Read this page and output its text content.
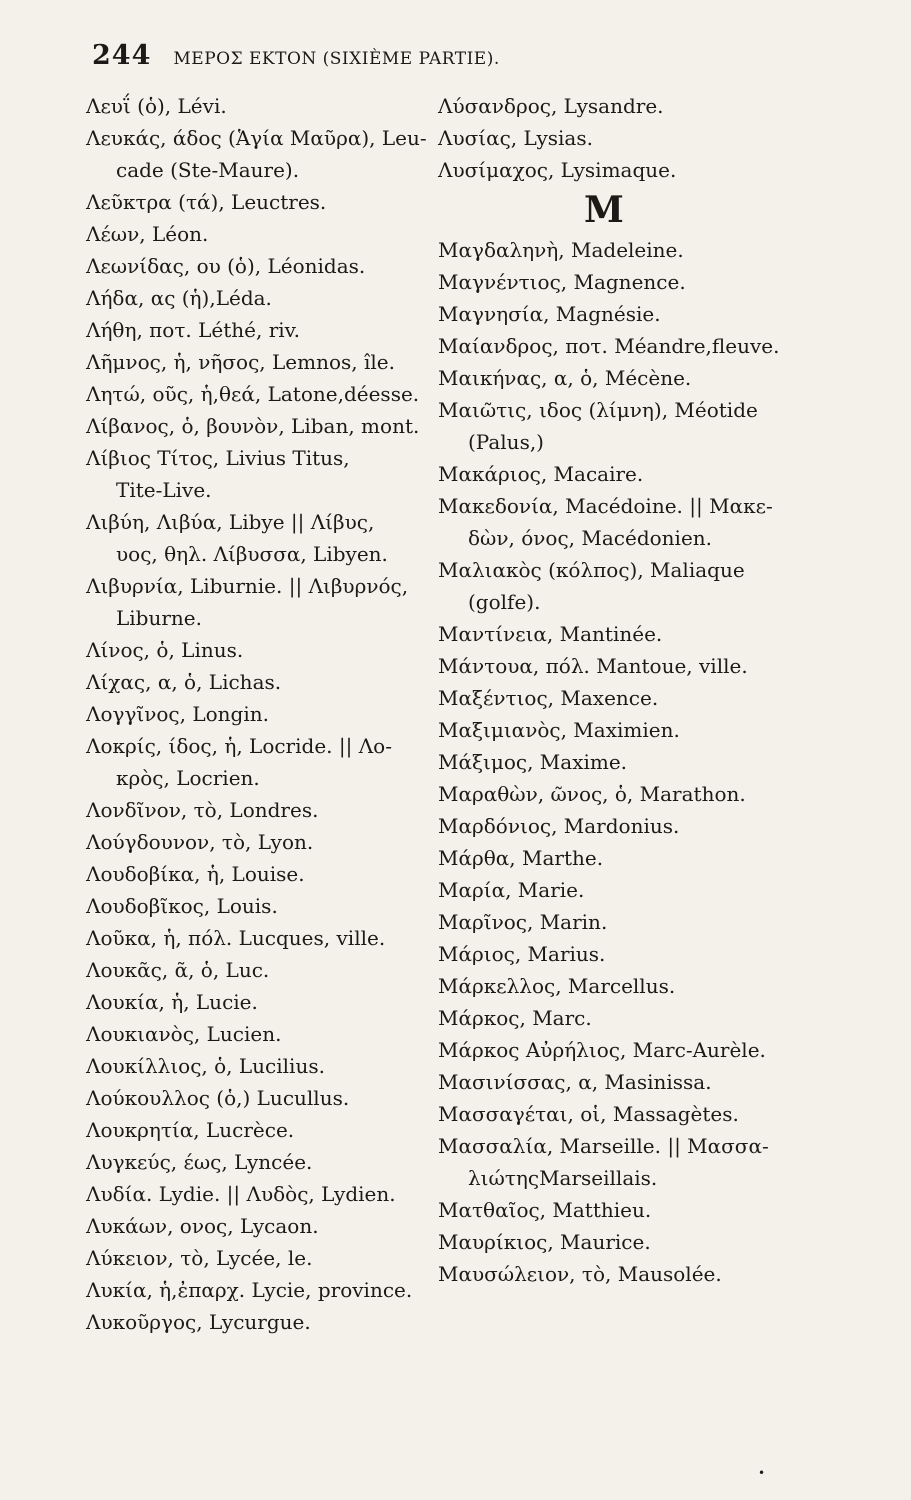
244 ΜΕΡΟΣ ΕΚΤΟΝ (SIXIÈME PARTIE).
Λευΐ (ὁ), Lévi.
Λευκάς, άδος (Ἁγία Μαῦρα), Leu-
cade (Ste-Maure).
Λεῦκτρα (τά), Leuctres.
Λέων, Léon.
Λεωνίδας, ου (ὁ), Léonidas.
Λήδα, ας (ἡ),Léda.
Λήθη, ποτ. Léthé, riv.
Λῆμνος, ἡ, νῆσος, Lemnos, île.
Λητώ, οῦς, ἡ,θεά, Latone,déesse.
Λίβανος, ὁ, βουνὸν, Liban, mont.
Λίβιος Τίτος, Livius Titus,
Tite-Live.
Λιβύη, Λιβύα, Libye || Λίβυς,
υος, θηλ. Λίβυσσα, Libyen.
Λιβυρνία, Liburnie. || Λιβυρνός,
Liburne.
Λίνος, ὁ, Linus.
Λίχας, α, ὁ, Lichas.
Λογγῖνος, Longin.
Λοκρίς, ίδος, ἡ, Locride. || Λο-
κρὸς, Locrien.
Λονδῖνον, τὸ, Londres.
Λούγδουνον, τὸ, Lyon.
Λουδοβίκα, ἡ, Louise.
Λουδοβῖκος, Louis.
Λοῦκα, ἡ, πόλ. Lucques, ville.
Λουκᾶς, ᾶ, ὁ, Luc.
Λουκία, ἡ, Lucie.
Λουκιανὸς, Lucien.
Λουκίλλιος, ὁ, Lucilius.
Λούκουλλος (ὁ,) Lucullus.
Λουκρητία, Lucrèce.
Λυγκεύς, έως, Lyncée.
Λυδία. Lydie. || Λυδὸς, Lydien.
Λυκάων, ονος, Lycaon.
Λύκειον, τὸ, Lycée, le.
Λυκία, ἡ,ἐπαρχ. Lycie, province.
Λυκοῦργος, Lycurgue.
Λύσανδρος, Lysandre.
Λυσίας, Lysias.
Λυσίμαχος, Lysimaque.
M
Μαγδαληνὴ, Madeleine.
Μαγνέντιος, Magnence.
Μαγνησία, Magnésie.
Μαίανδρος, ποτ. Méandre,fleuve.
Μαικήνας, α, ὁ, Mécène.
Μαιῶτις, ιδος (λίμνη), Méotide
(Palus,)
Μακάριος, Macaire.
Μακεδονία, Macédoine. || Μακε-
δὼν, όνος, Macédonien.
Μαλιακὸς (κόλπος), Maliaque
(golfe).
Μαντίνεια, Mantinée.
Μάντουα, πόλ. Mantoue, ville.
Μαξέντιος, Maxence.
Μαξιμιανὸς, Maximien.
Μάξιμος, Maxime.
Μαραθὼν, ῶνος, ὁ, Marathon.
Μαρδόνιος, Mardonius.
Μάρθα, Marthe.
Μαρία, Marie.
Μαρῖνος, Marin.
Μάριος, Marius.
Μάρκελλος, Marcellus.
Μάρκος, Marc.
Μάρκος Αὐρήλιος, Marc-Aurèle.
Μασινίσσας, α, Masinissa.
Μασσαγέται, οἱ, Massagètes.
Μασσαλία, Marseille. || Μασσα-
λιώτηςMarseillais.
Ματθαῖος, Matthieu.
Μαυρίκιος, Maurice.
Μαυσώλειον, τὸ, Mausolée.
•
